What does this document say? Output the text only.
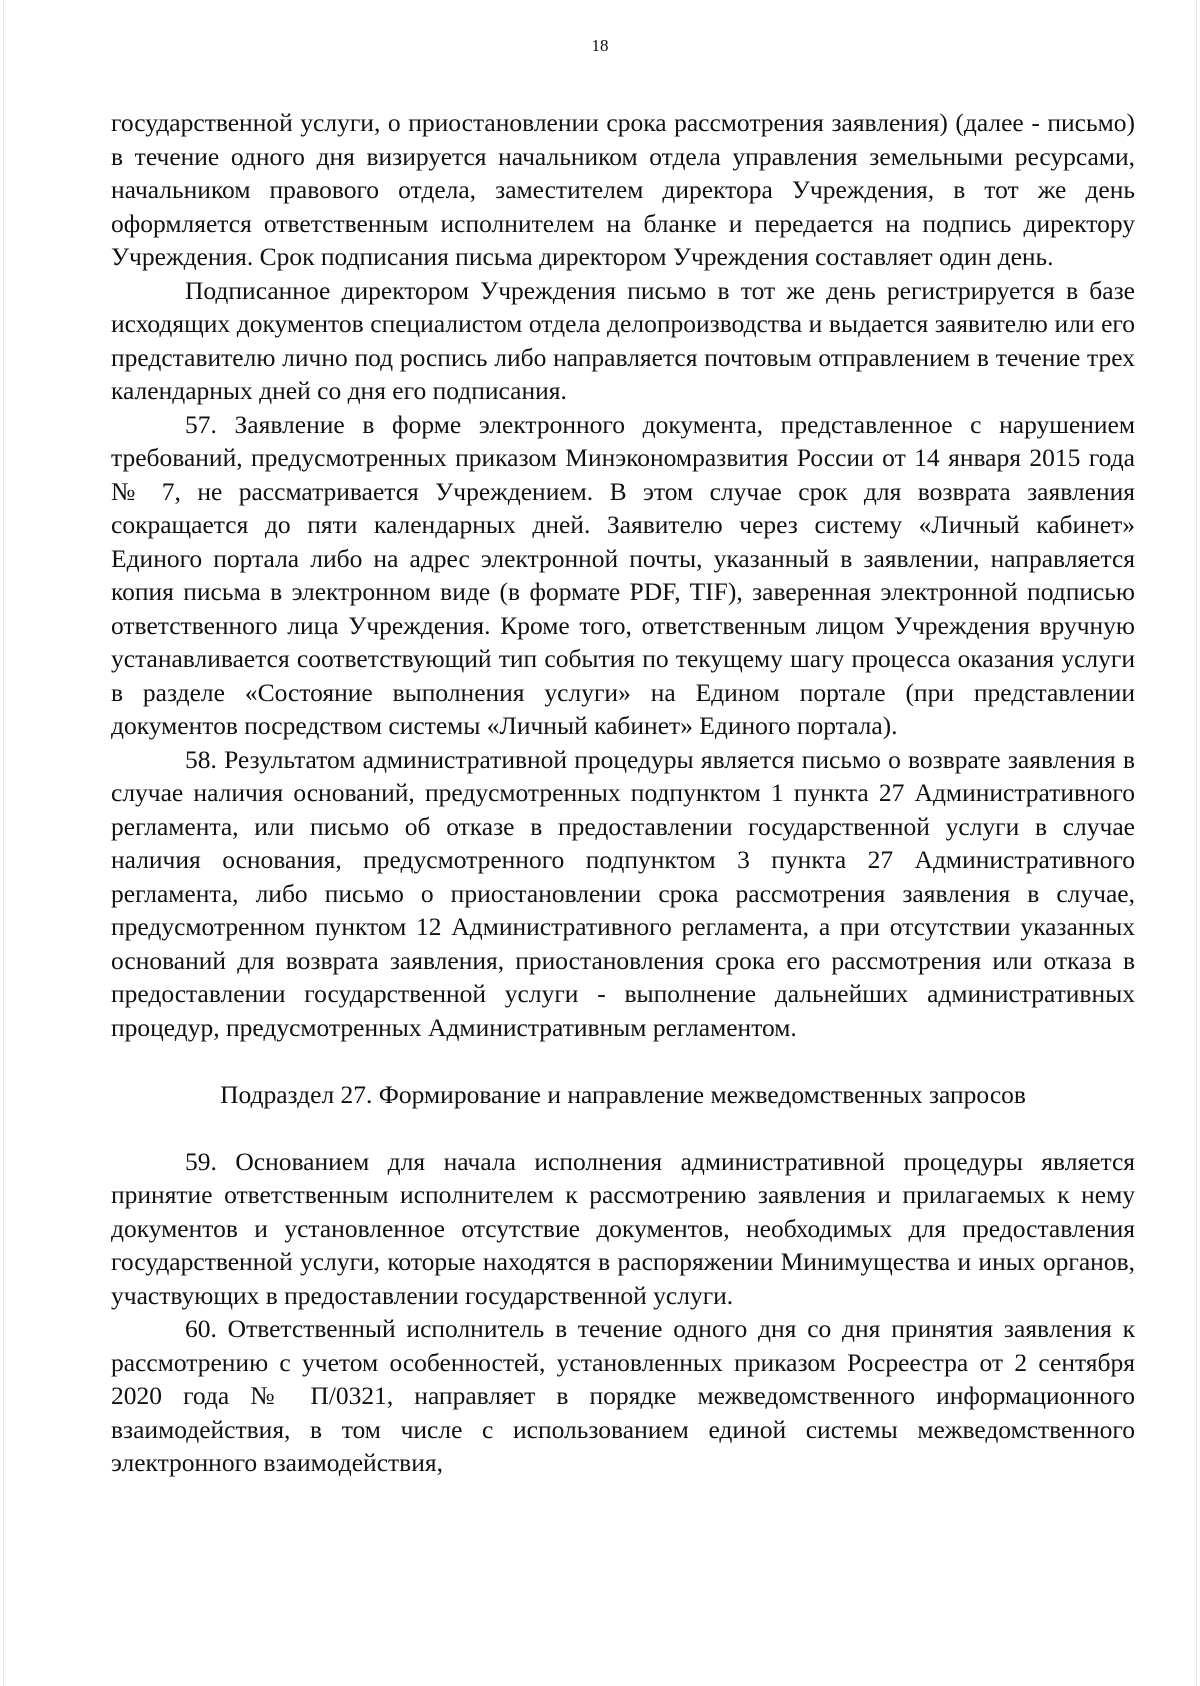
18

государственной услуги, о приостановлении срока рассмотрения заявления) (далее - письмо) в течение одного дня визируется начальником отдела управления земельными ресурсами, начальником правового отдела, заместителем директора Учреждения, в тот же день оформляется ответственным исполнителем на бланке и передается на подпись директору Учреждения. Срок подписания письма директором Учреждения составляет один день.

Подписанное директором Учреждения письмо в тот же день регистрируется в базе исходящих документов специалистом отдела делопроизводства и выдается заявителю или его представителю лично под роспись либо направляется почтовым отправлением в течение трех календарных дней со дня его подписания.

57. Заявление в форме электронного документа, представленное с нарушением требований, предусмотренных приказом Минэкономразвития России от 14 января 2015 года № 7, не рассматривается Учреждением. В этом случае срок для возврата заявления сокращается до пяти календарных дней. Заявителю через систему «Личный кабинет» Единого портала либо на адрес электронной почты, указанный в заявлении, направляется копия письма в электронном виде (в формате PDF, TIF), заверенная электронной подписью ответственного лица Учреждения. Кроме того, ответственным лицом Учреждения вручную устанавливается соответствующий тип события по текущему шагу процесса оказания услуги в разделе «Состояние выполнения услуги» на Едином портале (при представлении документов посредством системы «Личный кабинет» Единого портала).

58. Результатом административной процедуры является письмо о возврате заявления в случае наличия оснований, предусмотренных подпунктом 1 пункта 27 Административного регламента, или письмо об отказе в предоставлении государственной услуги в случае наличия основания, предусмотренного подпунктом 3 пункта 27 Административного регламента, либо письмо о приостановлении срока рассмотрения заявления в случае, предусмотренном пунктом 12 Административного регламента, а при отсутствии указанных оснований для возврата заявления, приостановления срока его рассмотрения или отказа в предоставлении государственной услуги - выполнение дальнейших административных процедур, предусмотренных Административным регламентом.

Подраздел 27. Формирование и направление межведомственных запросов

59. Основанием для начала исполнения административной процедуры является принятие ответственным исполнителем к рассмотрению заявления и прилагаемых к нему документов и установленное отсутствие документов, необходимых для предоставления государственной услуги, которые находятся в распоряжении Минимущества и иных органов, участвующих в предоставлении государственной услуги.

60. Ответственный исполнитель в течение одного дня со дня принятия заявления к рассмотрению с учетом особенностей, установленных приказом Росреестра от 2 сентября 2020 года № П/0321, направляет в порядке межведомственного информационного взаимодействия, в том числе с использованием единой системы межведомственного электронного взаимодействия,
